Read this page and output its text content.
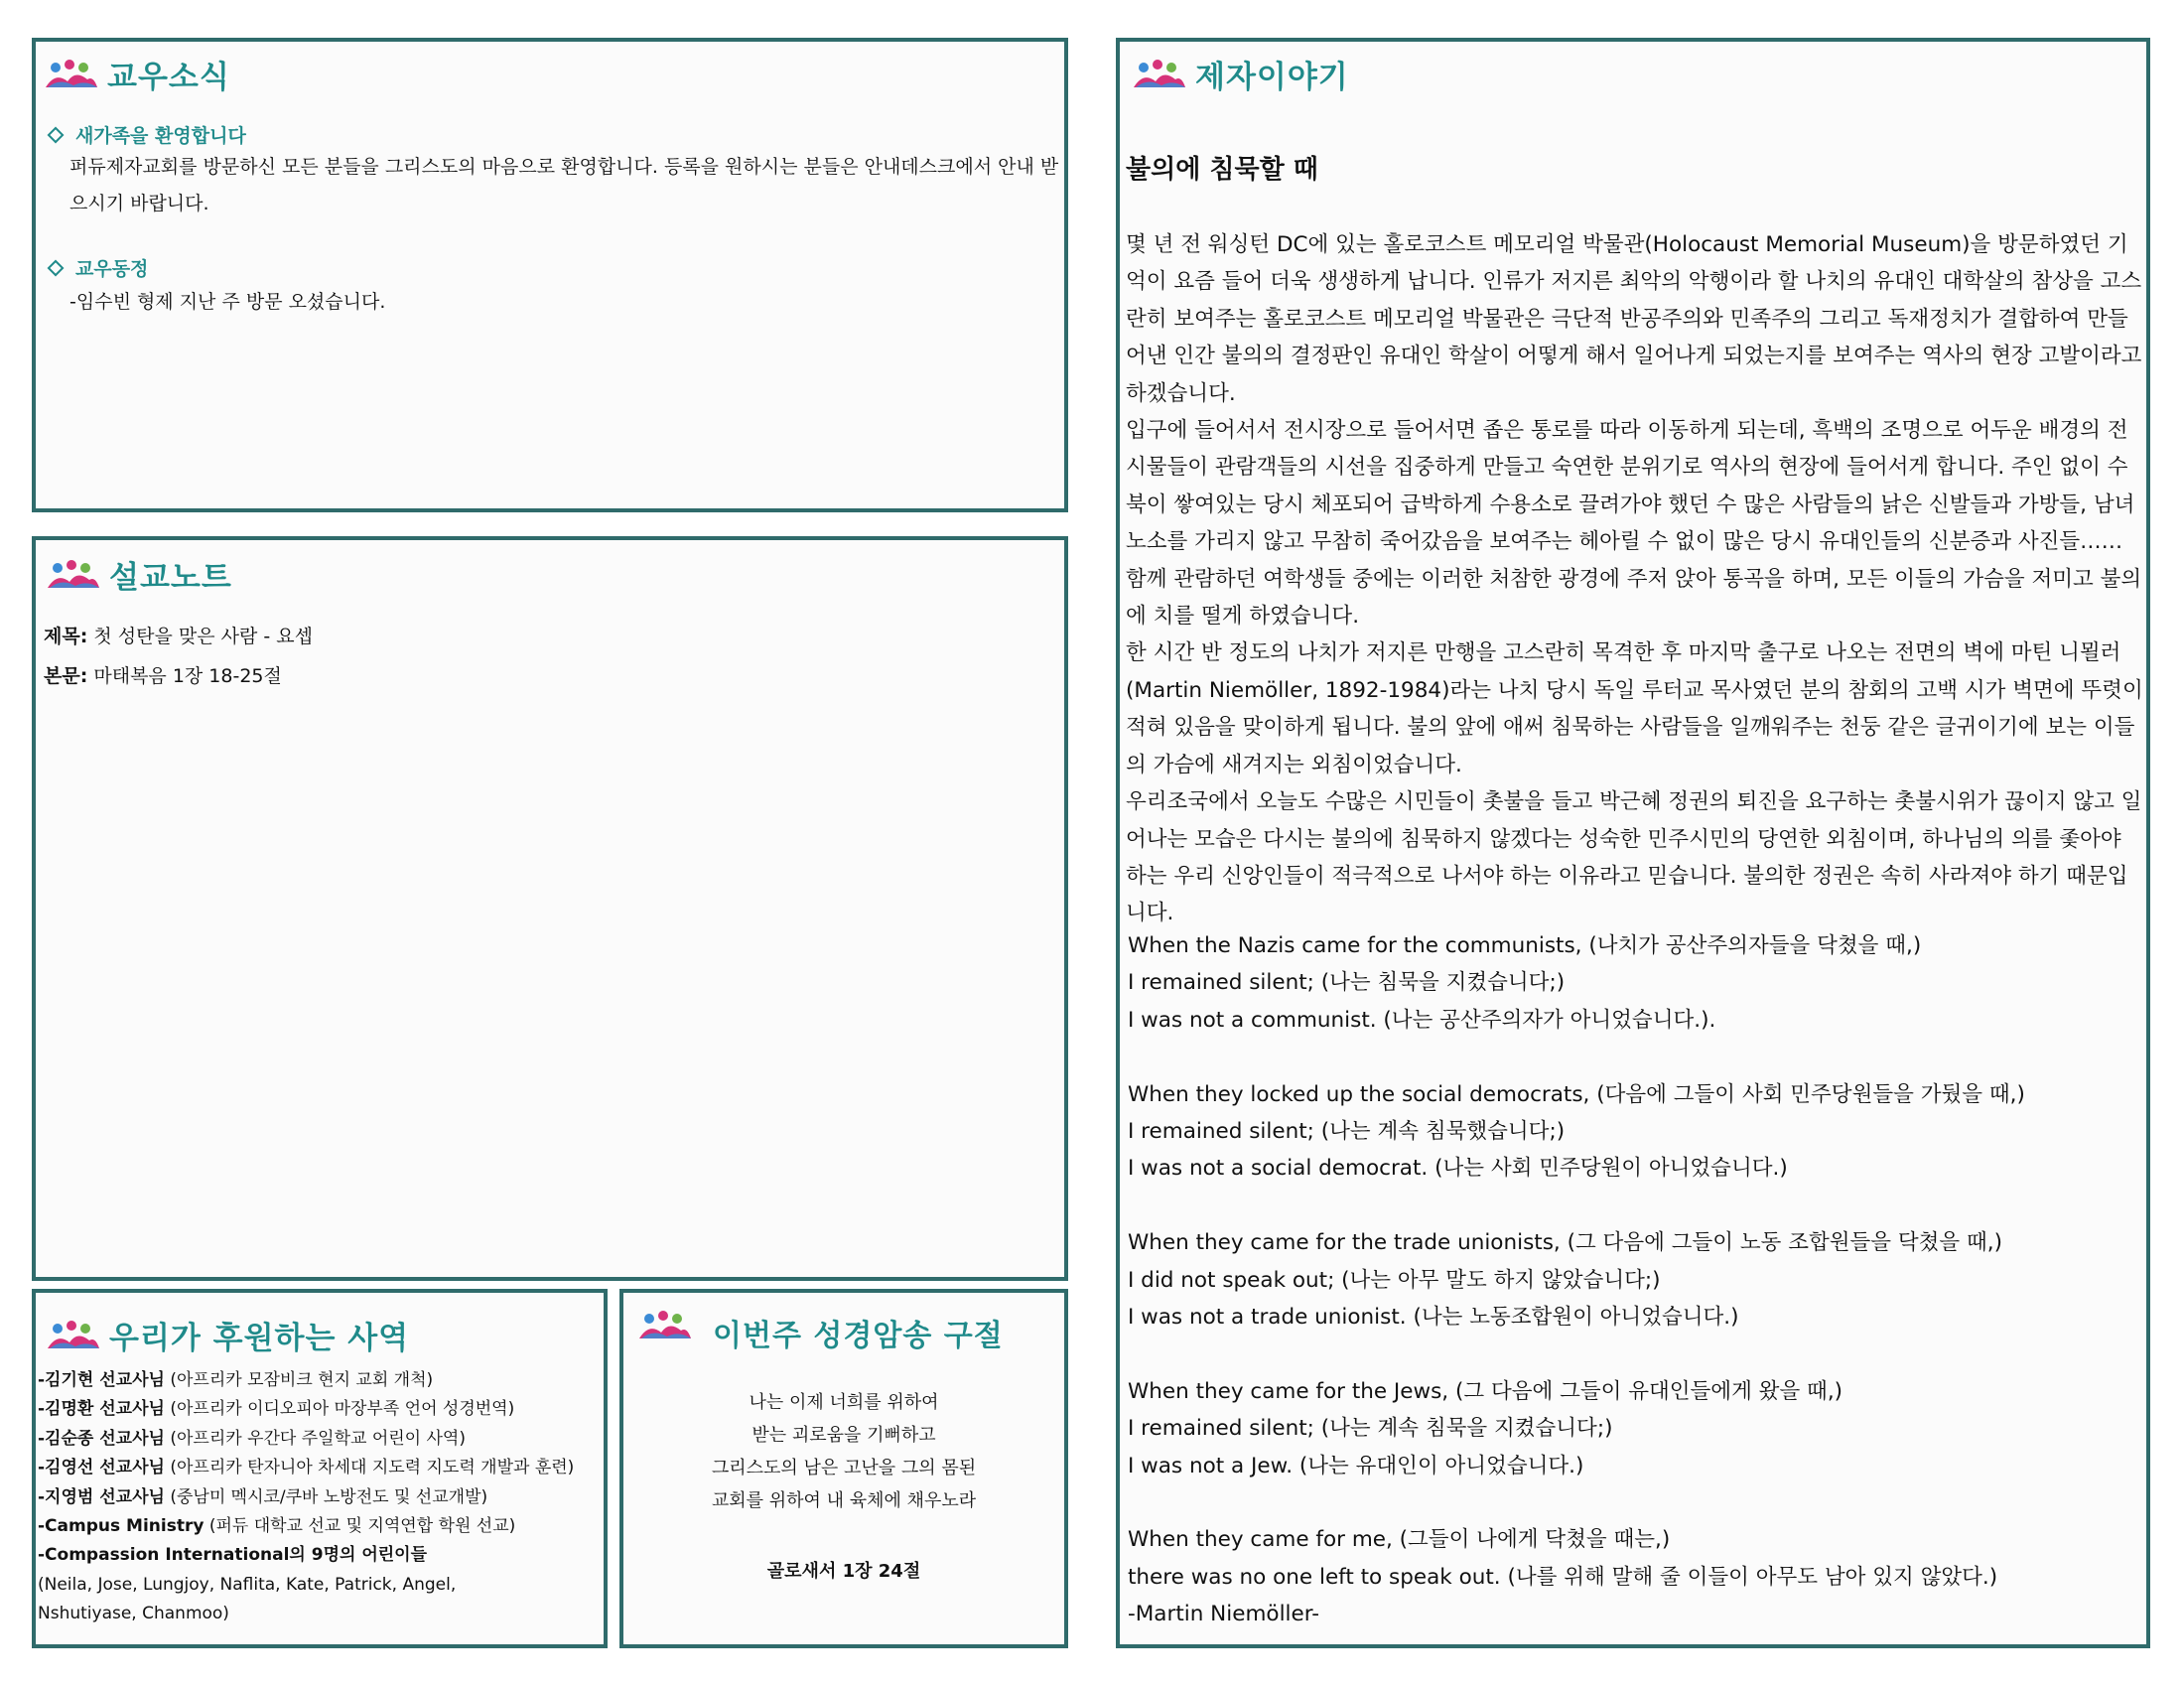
교우소식
새가족을 환영합니다

퍼듀제자교회를 방문하신 모든 분들을 그리스도의 마음으로 환영합니다. 등록을 원하시는 분들은 안내데스크에서 안내 받으시기 바랍니다.

교우동정

-임수빈 형제 지난 주 방문 오셨습니다.

설교노트
제목: 첫 성탄을 맞은 사람 - 요셉
본문: 마태복음 1장 18-25절
우리가 후원하는 사역
-김기현 선교사님 (아프리카 모잠비크 현지 교회 개척)
-김명환 선교사님 (아프리카 이디오피아 마장부족 언어 성경번역)
-김순종 선교사님 (아프리카 우간다 주일학교 어린이 사역)
-김영선 선교사님 (아프리카 탄자니아 차세대 지도력 지도력 개발과 훈련)
-지영범 선교사님 (중남미 멕시코/쿠바 노방전도 및 선교개발)
-Campus Ministry (퍼듀 대학교 선교 및 지역연합 학원 선교)
-Compassion International의 9명의 어린이들
(Neila, Jose, Lungjoy, Naflita, Kate, Patrick, Angel,
Nshutiyase, Chanmoo)
이번주 성경암송 구절
나는 이제 너희를 위하여
받는 괴로움을 기뻐하고
그리스도의 남은 고난을 그의 몸된
교회를 위하여 내 육체에 채우노라
골로새서 1장 24절
제자이야기
불의에 침묵할 때

몇 년 전 워싱턴 DC에 있는 홀로코스트 메모리얼 박물관(Holocaust Memorial Museum)을 방문하였던 기억이 요즘 들어 더욱 생생하게 납니다. 인류가 저지른 최악의 악행이라 할 나치의 유대인 대학살의 참상을 고스란히 보여주는 홀로코스트 메모리얼 박물관은 극단적 반공주의와 민족주의 그리고 독재정치가 결합하여 만들어낸 인간 불의의 결정판인 유대인 학살이 어떻게 해서 일어나게 되었는지를 보여주는 역사의 현장 고발이라고 하겠습니다.

입구에 들어서서 전시장으로 들어서면 좁은 통로를 따라 이동하게 되는데, 흑백의 조명으로 어두운 배경의 전시물들이 관람객들의 시선을 집중하게 만들고 숙연한 분위기로 역사의 현장에 들어서게 합니다. 주인 없이 수북이 쌓여있는 당시 체포되어 급박하게 수용소로 끌려가야 했던 수 많은 사람들의 낡은 신발들과 가방들, 남녀노소를 가리지 않고 무참히 죽어갔음을 보여주는 헤아릴 수 없이 많은 당시 유대인들의 신분증과 사진들…… 함께 관람하던 여학생들 중에는 이러한 처참한 광경에 주저 앉아 통곡을 하며, 모든 이들의 가슴을 저미고 불의에 치를 떨게 하였습니다.

한 시간 반 정도의 나치가 저지른 만행을 고스란히 목격한 후 마지막 출구로 나오는 전면의 벽에 마틴 니묄러(Martin Niemöller, 1892-1984)라는 나치 당시 독일 루터교 목사였던 분의 참회의 고백 시가 벽면에 뚜렷이 적혀 있음을 맞이하게 됩니다. 불의 앞에 애써 침묵하는 사람들을 일깨워주는 천둥 같은 글귀이기에 보는 이들의 가슴에 새겨지는 외침이었습니다.

우리조국에서 오늘도 수많은 시민들이 촛불을 들고 박근혜 정권의 퇴진을 요구하는 촛불시위가 끊이지 않고 일어나는 모습은 다시는 불의에 침묵하지 않겠다는 성숙한 민주시민의 당연한 외침이며, 하나님의 의를 좇아야 하는 우리 신앙인들이 적극적으로 나서야 하는 이유라고 믿습니다. 불의한 정권은 속히 사라져야 하기 때문입니다.

When the Nazis came for the communists, (나치가 공산주의자들을 닥쳤을 때,)
I remained silent; (나는 침묵을 지켰습니다;)
I was not a communist. (나는 공산주의자가 아니었습니다.).
When they locked up the social democrats, (다음에 그들이 사회 민주당원들을 가뒀을 때,)
I remained silent; (나는 계속 침묵했습니다;)
I was not a social democrat. (나는 사회 민주당원이 아니었습니다.)
When they came for the trade unionists, (그 다음에 그들이 노동 조합원들을 닥쳤을 때,)
I did not speak out; (나는 아무 말도 하지 않았습니다;)
I was not a trade unionist. (나는 노동조합원이 아니었습니다.)
When they came for the Jews, (그 다음에 그들이 유대인들에게 왔을 때,)
I remained silent; (나는 계속 침묵을 지켰습니다;)
I was not a Jew. (나는 유대인이 아니었습니다.)
When they came for me, (그들이 나에게 닥쳤을 때는,)
there was no one left to speak out. (나를 위해 말해 줄 이들이 아무도 남아 있지 않았다.)
-Martin Niemöller-
